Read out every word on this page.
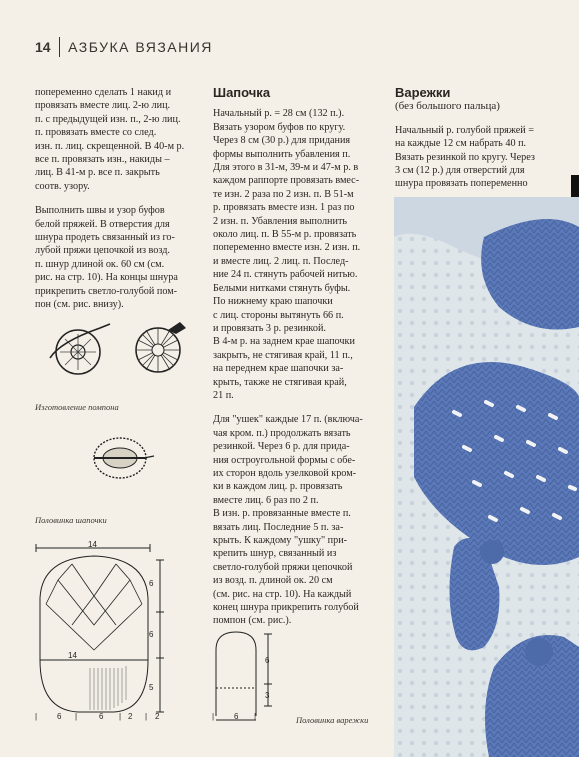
14 АЗБУКА ВЯЗАНИЯ

попеременно сделать 1 накид и
провязать вместе лиц. 2-ю лиц.
п. с предыдущей изн. п., 2-ю лиц.
п. провязать вместе со след.
изн. п. лиц. скрещенной. В 40-м р.
все п. провязать изн., накиды –
лиц. В 41-м р. все п. закрыть
соотв. узору.

Выполнить швы и узор буфов
белой пряжей. В отверстия для
шнура продеть связанный из го-
лубой пряжи цепочкой из возд.
п. шнур длиной ок. 60 см (см.
рис. на стр. 10). На концы шнура
прикрепить светло-голубой пом-
пон (см. рис. внизу).

Изготовление помпона
Половинка шапочки
14
14
6
6
5
| 6 |	6 | 2 | 2
Шапочка

Начальный р. = 28 см (132 п.).
Вязать узором буфов по кругу.
Через 8 см (30 р.) для придания
формы выполнить убавления п.
Для этого в 31-м, 39-м и 47-м р. в
каждом раппорте провязать вмес-
те изн. 2 раза по 2 изн. п. В 51-м
р. провязать вместе изн. 1 раз по
2 изн. п. Убавления выполнить
около лиц. п. В 55-м р. провязать
попеременно вместе изн. 2 изн. п.
и вместе лиц. 2 лиц. п. Послед-
ние 24 п. стянуть рабочей нитью.
Белыми нитками стянуть буфы.
По нижнему краю шапочки
с лиц. стороны вытянуть 66 п.
и провязать 3 р. резинкой.
В 4-м р. на заднем крае шапочки
закрыть, не стягивая край, 11 п.,
на переднем крае шапочки за-
крыть, также не стягивая край,
21 п.

Для "ушек" каждые 17 п. (включа-
чая кром. п.) продолжать вязать
резинкой. Через 6 р. для прида-
ния остроугольной формы с обе-
их сторон вдоль узелковой кром-
ки в каждом лиц. р. провязать
вместе лиц. 6 раз по 2 п.
В изн. р. провязанные вместе п.
вязать лиц. Последние 5 п. за-
крыть. К каждому "ушку" при-
крепить шнур, связанный из
светло-голубой пряжи цепочкой
из возд. п. длиной ок. 20 см
(см. рис. на стр. 10). На каждый
конец шнура прикрепить голубой
помпон (см. рис.).

6
3
| 6 |	Половинка варежки
Варежки
(без большого пальца)

Начальный р. голубой пряжей =
на каждые 12 см набрать 40 п.
Вязать резинкой по кругу. Через
3 см (12 р.) для отверстий для
шнура провязать попеременно
